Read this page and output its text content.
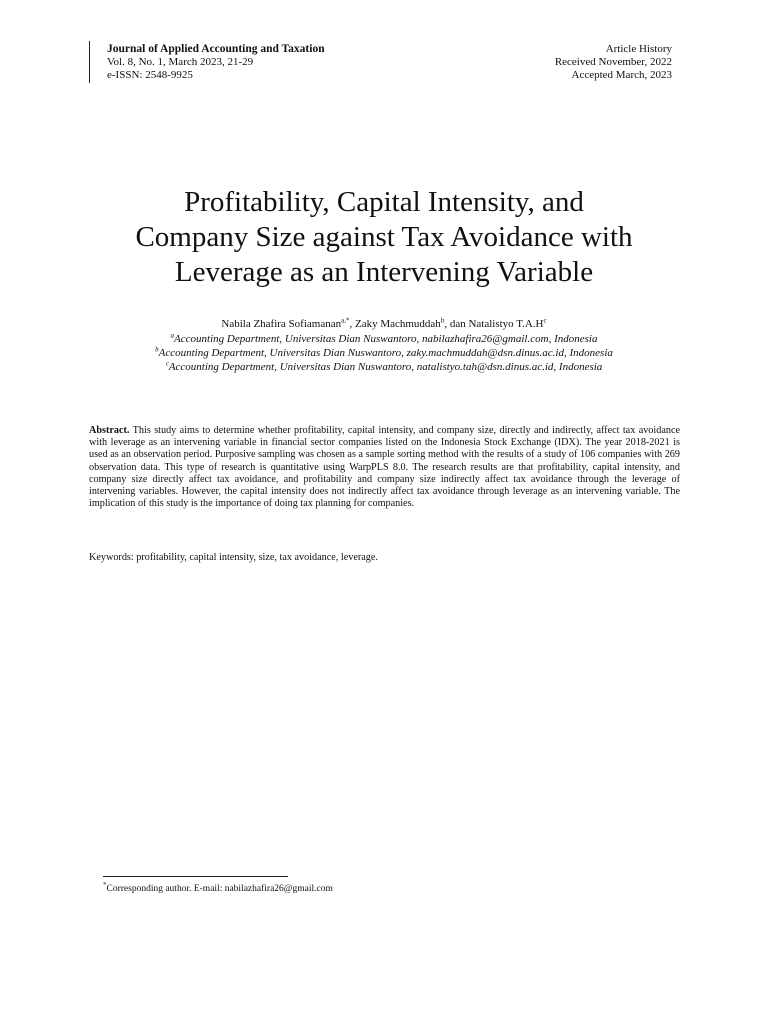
Journal of Applied Accounting and Taxation
Vol. 8, No. 1, March 2023, 21-29
e-ISSN: 2548-9925
Article History
Received November, 2022
Accepted March, 2023
Profitability, Capital Intensity, and
Company Size against Tax Avoidance with
Leverage as an Intervening Variable
Nabila Zhafira Sofiamanan$^{a,*}$, Zaky Machmuddah$^b$, dan Natalistyo $T.A.H^c$
$^a$Accounting Department, Universitas Dian Nuswantoro, nabilazhafira26@gmail.com, Indonesia
$^b$Accounting Department, Universitas Dian Nuswantoro, zaky.machmuddah@dsn.dinus.ac.id, Indonesia
$^c$Accounting Department, Universitas Dian Nuswantoro, natalistyo.tah@dsn.dinus.ac.id, Indonesia
Abstract. This study aims to determine whether profitability, capital intensity, and company size, directly and indirectly, affect tax avoidance with leverage as an intervening variable in financial sector companies listed on the Indonesia Stock Exchange (IDX). The year 2018-2021 is used as an observation period. Purposive sampling was chosen as a sample sorting method with the results of a study of 106 companies with 269 observation data. This type of research is quantitative using WarpPLS 8.0. The research results are that profitability, capital intensity, and company size directly affect tax avoidance, and profitability and company size indirectly affect tax avoidance through the leverage of intervening variables. However, the capital intensity does not indirectly affect tax avoidance through leverage as an intervening variable. The implication of this study is the importance of doing tax planning for companies.
Keywords: profitability, capital intensity, size, tax avoidance, leverage.
*Corresponding author. E-mail: nabilazhafira26@gmail.com
